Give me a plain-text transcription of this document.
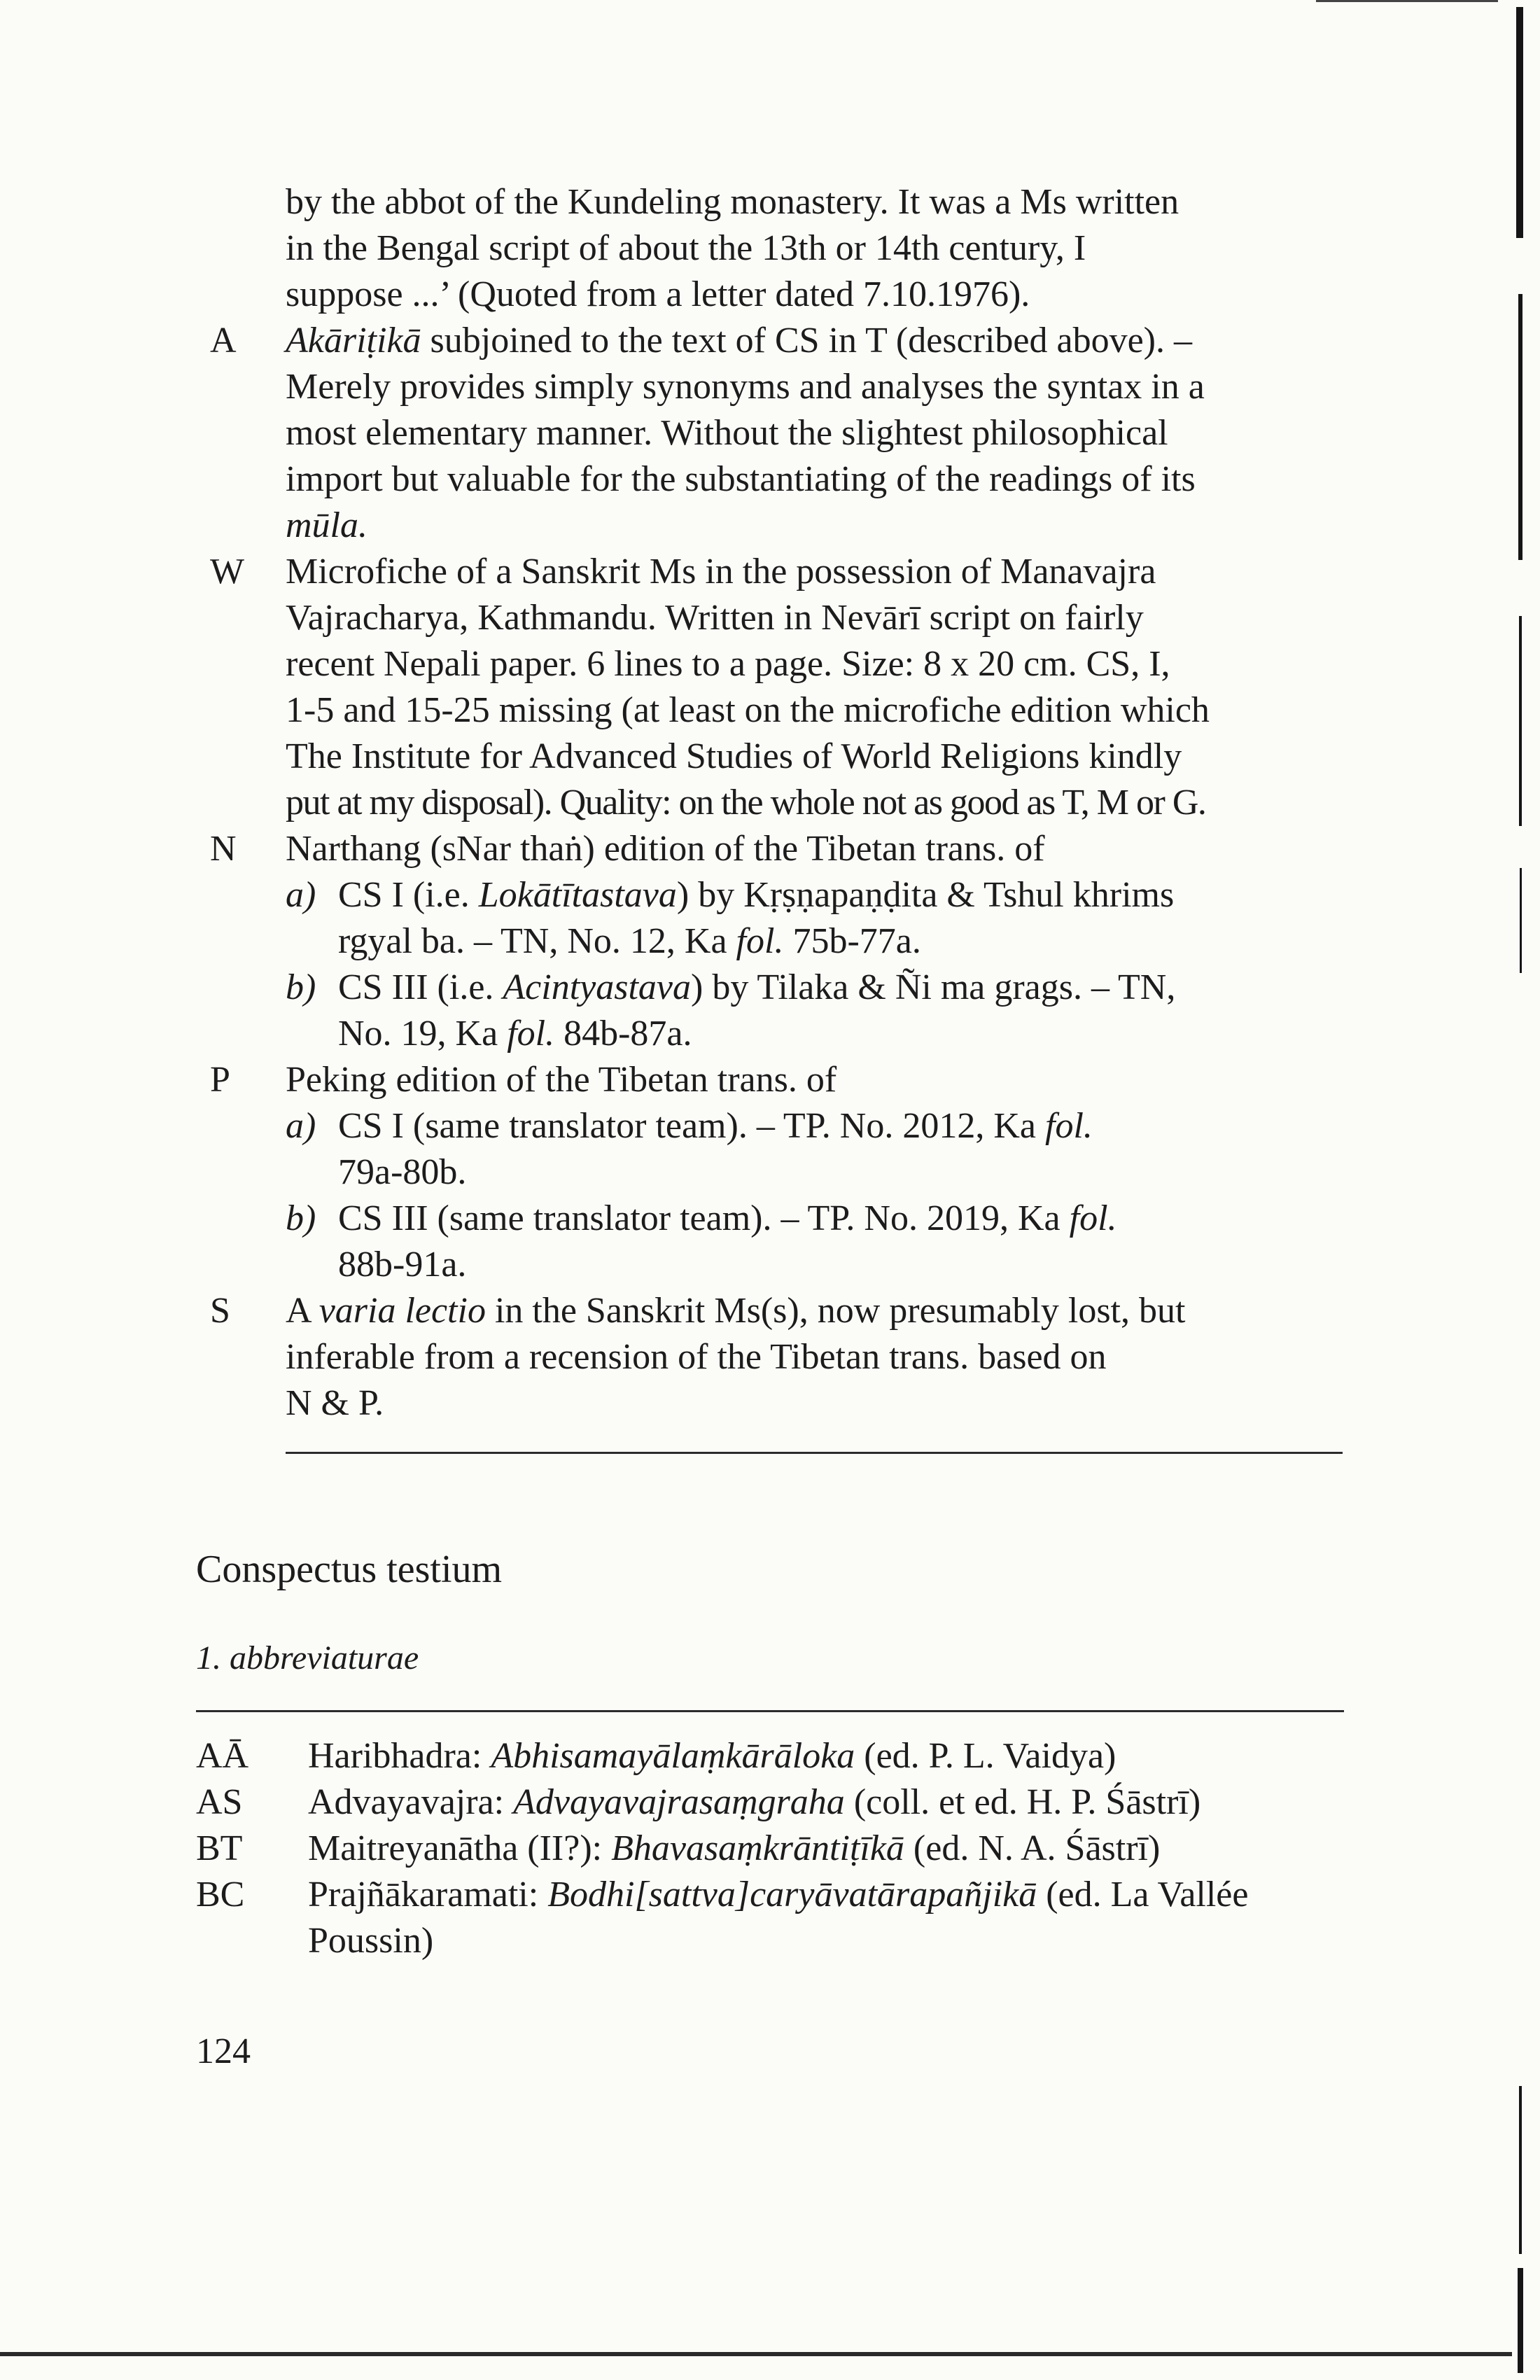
by the abbot of the Kundeling monastery. It was a Ms written
in the Bengal script of about the 13th or 14th century, I
suppose ...’ (Quoted from a letter dated 7.10.1976).

A	Akāriṭikā subjoined to the text of CS in T (described above). –
Merely provides simply synonyms and analyses the syntax in a
most elementary manner. Without the slightest philosophical
import but valuable for the substantiating of the readings of its
mūla.
W	Microfiche of a Sanskrit Ms in the possession of Manavajra
Vajracharya, Kathmandu. Written in Nevārī script on fairly
recent Nepali paper. 6 lines to a page. Size: 8 x 20 cm. CS, I,
1-5 and 15-25 missing (at least on the microfiche edition which
The Institute for Advanced Studies of World Religions kindly
put at my disposal). Quality: on the whole not as good as T, M or G.
N	Narthang (sNar thaṅ) edition of the Tibetan trans. of
a) CS I (i.e. Lokātītastava) by Kṛṣṇapaṇḍita & Tshul khrims
rgyal ba. – TN, No. 12, Ka fol. 75b-77a.
b) CS III (i.e. Acintyastava) by Tilaka & Ñi ma grags. – TN,
No. 19, Ka fol. 84b-87a.
P	Peking edition of the Tibetan trans. of
a) CS I (same translator team). – TP. No. 2012, Ka fol.
79a-80b.
b) CS III (same translator team). – TP. No. 2019, Ka fol.
88b-91a.
S	A varia lectio in the Sanskrit Ms(s), now presumably lost, but
inferable from a recension of the Tibetan trans. based on
N & P.
Conspectus testium
1. abbreviaturae
AĀ Haribhadra: Abhisamayālaṃkārāloka (ed. P. L. Vaidya)
AS Advayavajra: Advayavajrasaṃgraha (coll. et ed. H. P. Śāstrī)
BT Maitreyanātha (II?): Bhavasaṃkrāntiṭīkā (ed. N. A. Śāstrī)
BC Prajñākaramati: Bodhi[sattva]caryāvatārapañjikā (ed. La Vallée
Poussin)
124
